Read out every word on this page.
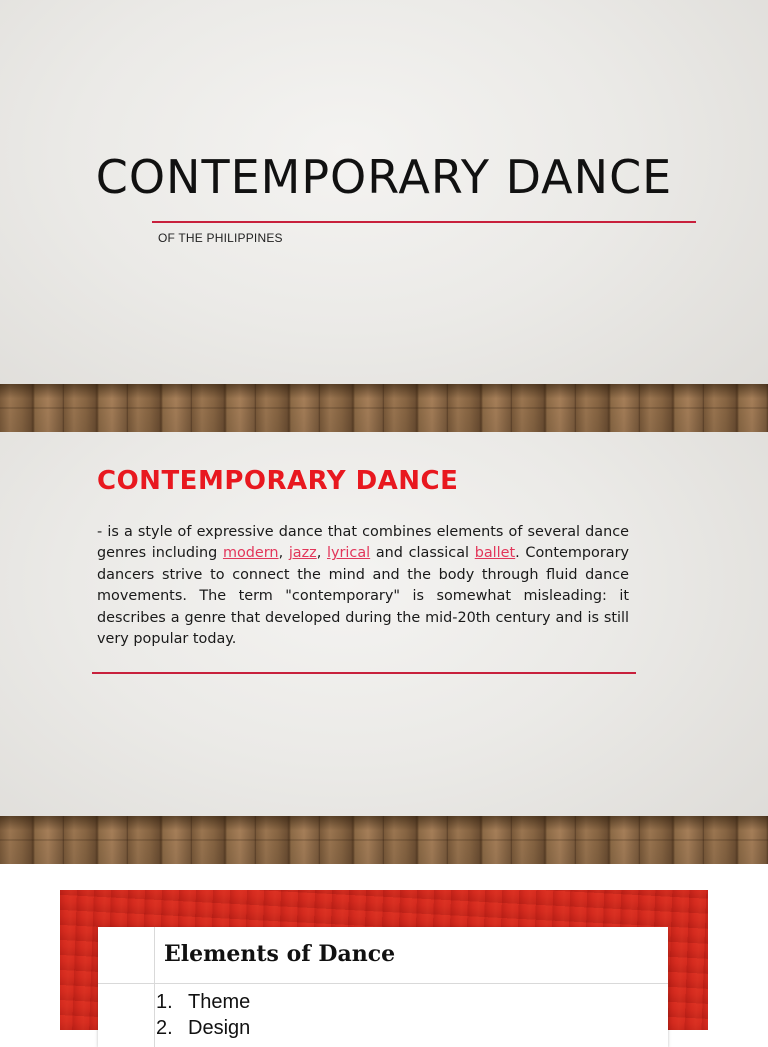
CONTEMPORARY DANCE
OF THE PHILIPPINES
CONTEMPORARY DANCE

- is a style of expressive dance that combines elements of several dance genres including modern, jazz, lyrical and classical ballet. Contemporary dancers strive to connect the mind and the body through fluid dance movements. The term "contemporary" is somewhat misleading: it describes a genre that developed during the mid-20th century and is still very popular today.

Elements of Dance
1. Theme
2. Design
